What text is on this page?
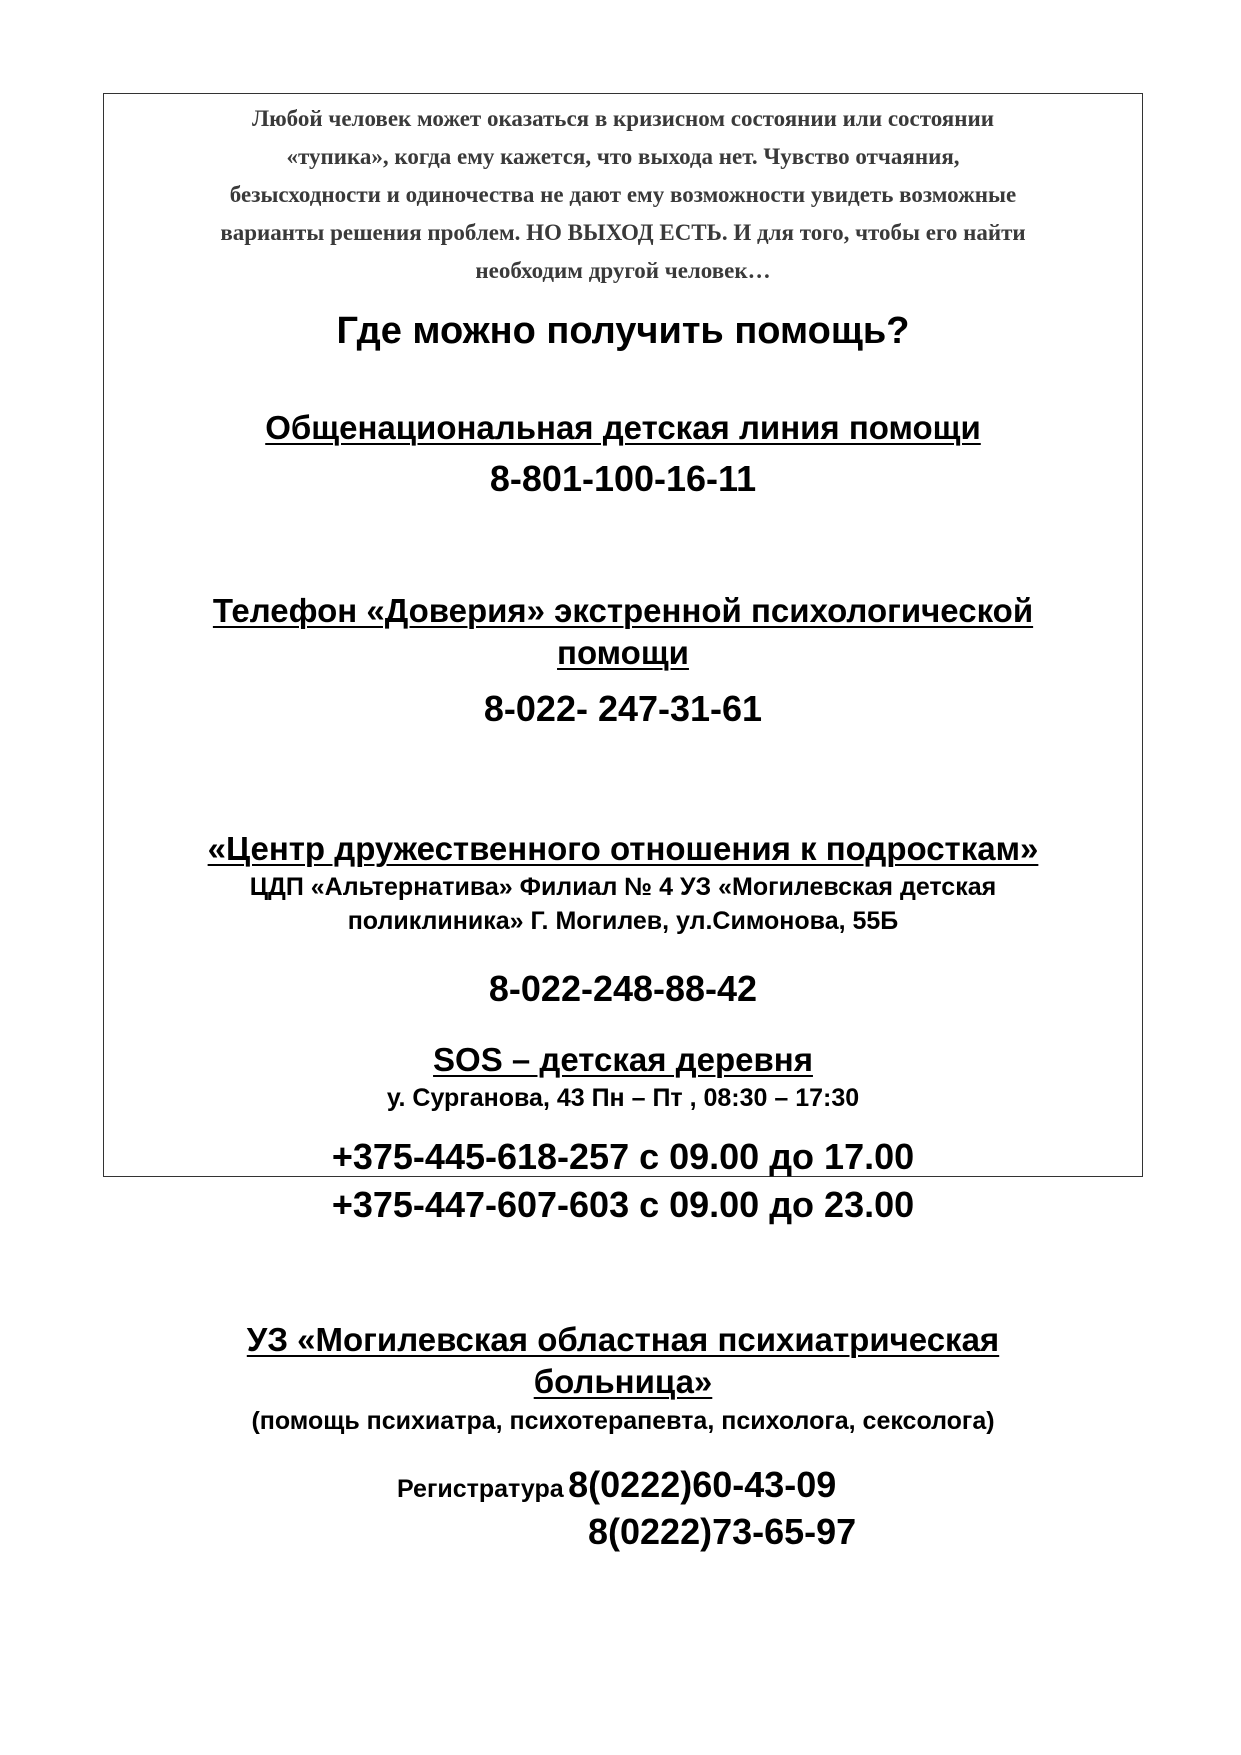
Любой человек может оказаться в кризисном состоянии или состоянии
«тупика», когда ему кажется, что выхода нет. Чувство отчаяния,
безысходности и одиночества не дают ему возможности увидеть возможные
варианты решения проблем. НО ВЫХОД ЕСТЬ. И для того, чтобы его найти
необходим другой человек…
Где можно получить помощь?
Общенациональная детская линия помощи
8-801-100-16-11
Телефон «Доверия» экстренной психологической
помощи
8-022- 247-31-61
«Центр дружественного отношения к подросткам»
ЦДП «Альтернатива» Филиал № 4 УЗ «Могилевская детская
поликлиника» Г. Могилев, ул.Симонова, 55Б
8-022-248-88-42
SOS – детская деревня
у. Сурганова, 43 Пн – Пт , 08:30 – 17:30
+375-445-618-257 с 09.00 до 17.00
+375-447-607-603 с 09.00 до 23.00
УЗ «Могилевская областная психиатрическая
больница»
(помощь психиатра, психотерапевта, психолога, сексолога)
Регистратура 8(0222)60-43-09
8(0222)73-65-97
